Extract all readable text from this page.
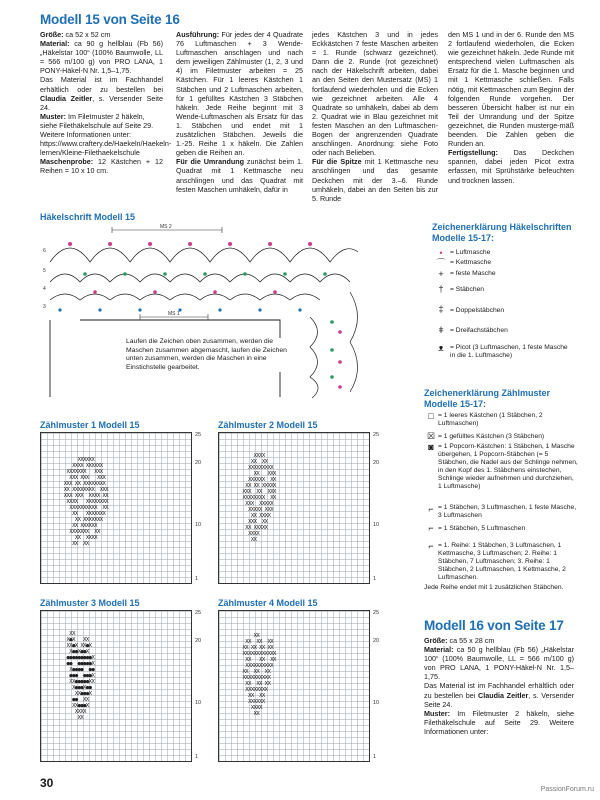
Modell 15 von Seite 16

Größe: ca 52 x 52 cm

Material: ca 90 g hellblau (Fb 56) „Häkelstar 100“ (100% Baumwolle, LL = 566 m/100 g) von PRO LANA, 1 PONY-Häkel-N Nr. 1,5–1,75.

Das Material ist im Fachhandel erhältlich oder zu bestellen bei Claudia Zeitler, s. Versender Seite 24.

Muster: Im Filetmuster 2 häkeln, siehe Filethäkelschule auf Seite 29. Weitere Informationen unter: https://www.craftery.de/Haekeln/Haekeln-lernen/Kleine-Filethaekelschule

Maschenprobe: 12 Kästchen + 12 Reihen = 10 x 10 cm.

Ausführung: Für jedes der 4 Quadrate 76 Luftmaschen + 3 Wende-Luftmaschen anschlagen und nach dem jeweiligen Zählmuster (1, 2, 3 und 4) im Filetmuster arbeiten = 25 Kästchen. Für 1 leeres Kästchen 1 Stäbchen und 2 Luftmaschen arbeiten, für 1 gefülltes Kästchen 3 Stäbchen häkeln. Jede Reihe beginnt mit 3 Wende-Luftmaschen als Ersatz für das 1. Stäbchen und endet mit 1 zusätzlichen Stäbchen. Jeweils die 1.-25. Reihe 1 x häkeln. Die Zahlen geben die Reihen an.

Für die Umrandung zunächst beim 1. Quadrat mit 1 Kettmasche neu anschlingen und das Quadrat mit festen Maschen umhäkeln, dafür in

jedes Kästchen 3 und in jedes Eckkästchen 7 feste Maschen arbeiten = 1. Runde (schwarz gezeichnet). Dann die 2. Runde (rot gezeichnet) nach der Häkelschrift arbeiten, dabei an den Seiten den Mustersatz (MS) 1 fortlaufend wiederholen und die Ecken wie gezeichnet arbeiten. Alle 4 Quadrate so umhäkeln, dabei ab dem 2. Quadrat wie in Blau gezeichnet mit festen Maschen an den Luftmaschen-Bogen der angrenzenden Quadrate anschlingen. Anordnung: siehe Foto oder nach Belieben.

Für die Spitze mit 1 Kettmasche neu anschlingen und das gesamte Deckchen mit der 3.–6. Runde umhäkeln, dabei an den Seiten bis zur 5. Runde

den MS 1 und in der 6. Runde den MS 2 fortlaufend wiederholen, die Ecken wie gezeichnet häkeln. Jede Runde mit entsprechend vielen Luftmaschen als Ersatz für die 1. Masche beginnen und mit 1 Kettmasche schließen. Falls nötig, mit Kettmaschen zum Beginn der folgenden Runde vorgehen. Der besseren Übersicht halber ist nur ein Teil der Umrandung und der Spitze gezeichnet, die Runden musterge-mäß beenden. Die Zahlen geben die Runden an.

Fertigstellung: Das Deckchen spannen, dabei jeden Picot extra erfassen, mit Sprühstärke befeuchten und trocknen lassen.

Häkelschrift Modell 15
MS 2
MS 1
6
5
4
3
Laufen die Zeichen oben zusammen, werden die Maschen zusammen abgemascht, laufen die Zeichen unten zusammen, werden die Maschen in eine Einstichstelle gearbeitet.
Zeichenerklärung Häkelschriften Modelle 15-17:
•	= Luftmasche
⌒ = Kettmasche
+ = feste Masche
† = Stäbchen
‡ = Doppelstäbchen
ǂ = Dreifachstäbchen
ᴥ = Picot (3 Luftmaschen, 1 feste Masche in die 1. Luftmasche)
Zeichenerklärung Zählmuster Modelle 15-17:
□ = 1 leeres Kästchen (1 Stäbchen, 2 Luftmaschen)
☒ = 1 gefülltes Kästchen (3 Stäbchen)
◙ = 1 Popcorn-Kästchen: 1 Stäbchen, 1 Masche übergehen, 1 Popcorn-Stäbchen (= 5 Stäbchen, die Nadel aus der Schlinge nehmen, in den Kopf des 1. Stäbchens einstechen, Schlinge wieder aufnehmen und durchziehen, 1 Luftmasche)
⌐ = 1 Stäbchen, 3 Luftmaschen, 1 feste Masche, 3 Luftmaschen
⌐ = 1 Stäbchen, 5 Luftmaschen
⌐ = 1. Reihe: 1 Stäbchen, 3 Luftmaschen, 1 Kettmasche, 3 Luftmaschen; 2. Reihe: 1 Stäbchen, 7 Luftmaschen; 3. Reihe: 1 Stäbchen, 2 Luftmaschen, 1 Kettmasche, 2 Luftmaschen.
Jede Reihe endet mit 1 zusätzlichen Stäbchen.
Zählmuster 1 Modell 15
XXXXXX
XXXX XXXXXX
XXXXXXX   XXX
XXX XXX   XXX
XXX XX XXXXXXXX
XX XXXXXXXX  XXX
XXX XXX  XXXX XX
XXXX   XXXXXXXX
XXXXXXXXXX  XX
XX   XXXXXXX
XX XXXXXXX
XX XXXXXX
XXXXXXX  XX
XX  XXXX
XX  XX
25
20
10
1
Zählmuster 2 Modell 15
XXXX
XX  XX
XXXXXXXXX
XX   XXX
XXXXXX  XX
XX XX XXXXX
XXX  XX  XXX
XXXXXXXX  XX
XXX  XXXXX
XXXXX XXX
XX XXXX
XXX  XX
XX XXXXX
XXXX
XX
25
20
10
1
Zählmuster 3 Modell 15
XX
X●X   XX
XX●X XX●X
X●●X●●X
●●●●●●●●●X
●●  ●●●●●X
X●●●●  ●●
●●●  ●●●X
XX●●●●●XX
X●●●X●●
XX●●●X
●●  XX
XX●●●X
XXXX
XX
25
20
10
1
Zählmuster 4 Modell 15
XX
XX  XX  XX
XX XX XX XX
XXXXXXXXXXXX
XX   XX  XX
XXXXXXXXXX
XX  XX  XX
XXXXXXXXXX
XX  XX XX
XXXXXXXX
XX  XX
XXXXXX
XXXX
XX
25
20
10
1
Modell 16 von Seite 17

Größe: ca 55 x 28 cm

Material: ca 50 g hellblau (Fb 56) „Häkelstar 100“ (100% Baumwolle, LL = 566 m/100 g) von PRO LANA, 1 PONY-Häkel-N Nr. 1,5–1,75.

Das Material ist im Fachhandel erhältlich oder zu bestellen bei Claudia Zeitler, s. Versender Seite 24.

Muster: Im Filetmuster 2 häkeln, siehe Filethäkelschule auf Seite 29. Weitere Informationen unter:

30	PassionForum.ru
